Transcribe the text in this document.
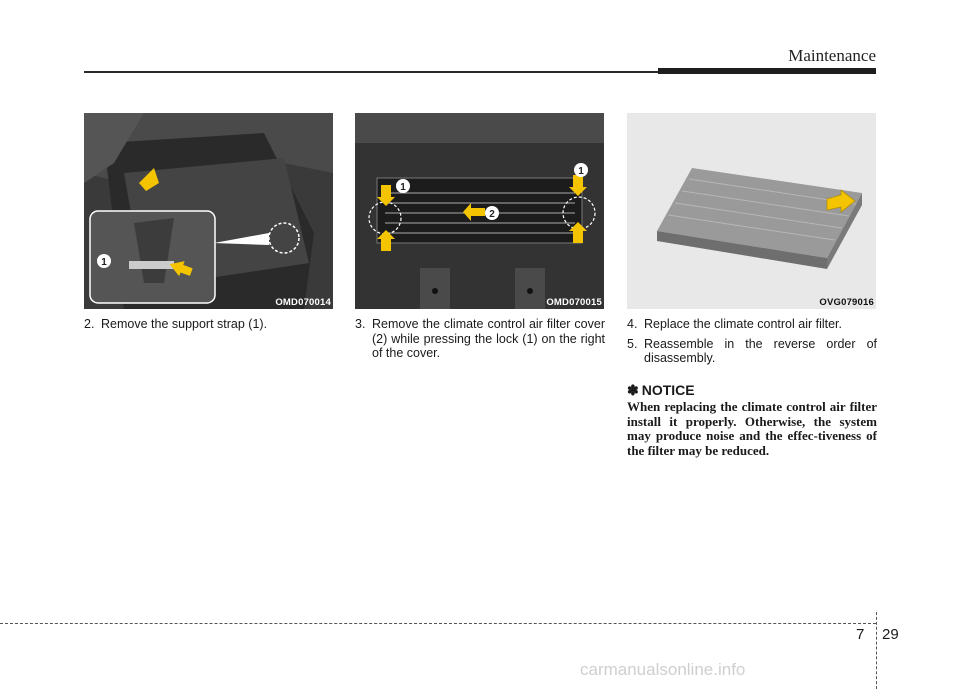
Maintenance
1
OMD070014
1
1
2
OMD070015	OVG079016
2. Remove the support strap (1).	3. Remove the climate control air filter cover (2) while pressing the lock (1) on the right of the cover.
4. Replace the climate control air filter.
5. Reassemble in the reverse order of disassembly.
✽ NOTICE
When replacing the climate control air filter install it properly. Otherwise, the system may produce noise and the effec-tiveness of the filter may be reduced.
7 29
carmanualsonline.info
